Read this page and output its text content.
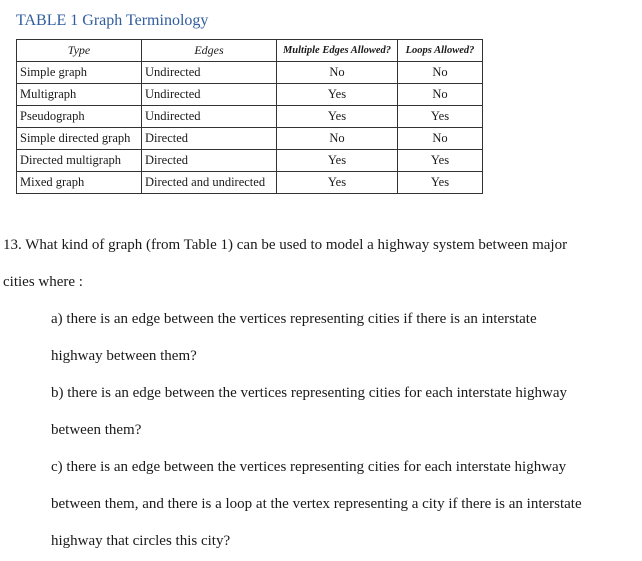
TABLE 1 Graph Terminology
Type	Edges	Multiple Edges Allowed?	Loops Allowed?
Simple graph	Undirected	No	No
Multigraph	Undirected	Yes	No
Pseudograph	Undirected	Yes	Yes
Simple directed graph	Directed	No	No
Directed multigraph	Directed	Yes	Yes
Mixed graph	Directed and undirected	Yes	Yes
13. What kind of graph (from Table 1) can be used to model a highway system between major
cities where :
a) there is an edge between the vertices representing cities if there is an interstate
highway between them?
b) there is an edge between the vertices representing cities for each interstate highway
between them?
c) there is an edge between the vertices representing cities for each interstate highway
between them, and there is a loop at the vertex representing a city if there is an interstate
highway that circles this city?
